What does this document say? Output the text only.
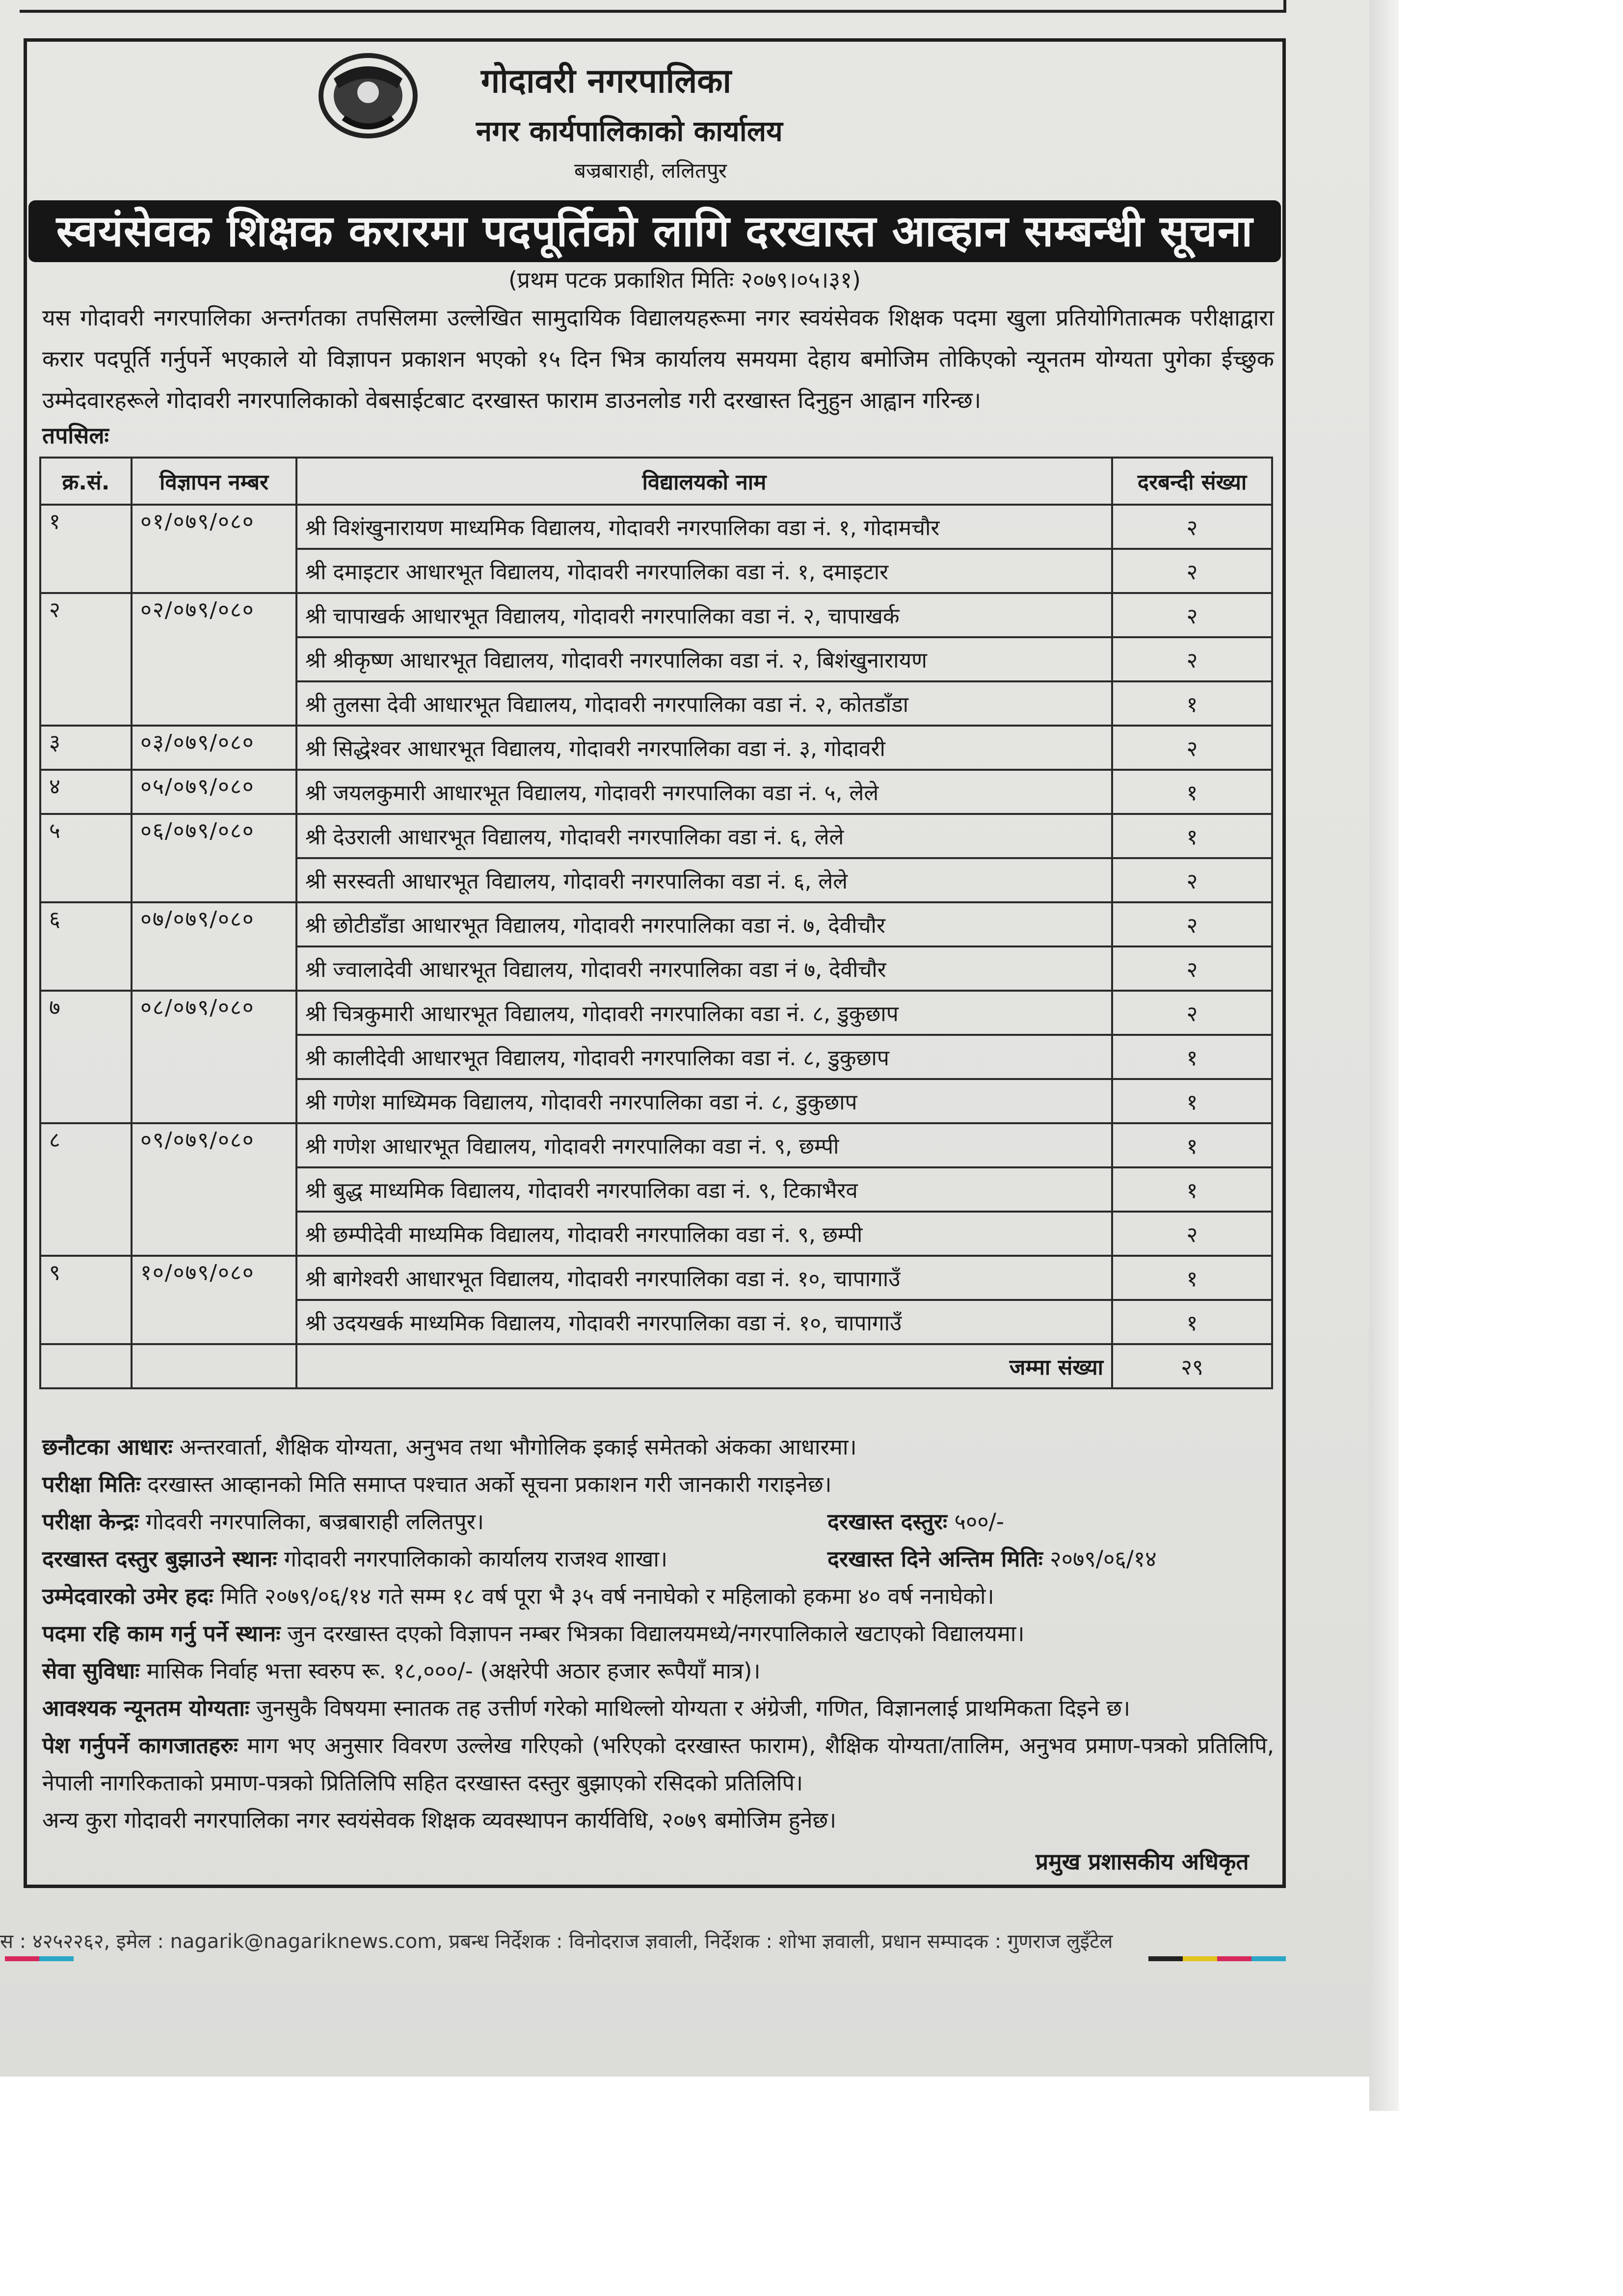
गोदावरी नगरपालिका
नगर कार्यपालिकाको कार्यालय
बज्रबाराही, ललितपुर
स्वयंसेवक शिक्षक करारमा पदपूर्तिको लागि दरखास्त आव्हान सम्बन्धी सूचना
(प्रथम पटक प्रकाशित मितिः २०७९।०५।३१)
यस गोदावरी नगरपालिका अन्तर्गतका तपसिलमा उल्लेखित सामुदायिक विद्यालयहरूमा नगर स्वयंसेवक शिक्षक पदमा खुला प्रतियोगितात्मक परीक्षाद्वारा करार पदपूर्ति गर्नुपर्ने भएकाले यो विज्ञापन प्रकाशन भएको १५ दिन भित्र कार्यालय समयमा देहाय बमोजिम तोकिएको न्यूनतम योग्यता पुगेका ईच्छुक उम्मेदवारहरूले गोदावरी नगरपालिकाको वेबसाईटबाट दरखास्त फाराम डाउनलोड गरी दरखास्त दिनुहुन आह्वान गरिन्छ।
तपसिलः
क्र.सं.	विज्ञापन नम्बर	विद्यालयको नाम	दरबन्दी संख्या
१	०१/०७९/०८०	श्री विशंखुनारायण माध्यमिक विद्यालय, गोदावरी नगरपालिका वडा नं. १, गोदामचौर	२
		श्री दमाइटार आधारभूत विद्यालय, गोदावरी नगरपालिका वडा नं. १, दमाइटार	२
२	०२/०७९/०८०	श्री चापाखर्क आधारभूत विद्यालय, गोदावरी नगरपालिका वडा नं. २, चापाखर्क	२
		श्री श्रीकृष्ण आधारभूत विद्यालय, गोदावरी नगरपालिका वडा नं. २, बिशंखुनारायण	२
		श्री तुलसा देवी आधारभूत विद्यालय, गोदावरी नगरपालिका वडा नं. २, कोतडाँडा	१
३	०३/०७९/०८०	श्री सिद्धेश्वर आधारभूत विद्यालय, गोदावरी नगरपालिका वडा नं. ३, गोदावरी	२
४	०५/०७९/०८०	श्री जयलकुमारी आधारभूत विद्यालय, गोदावरी नगरपालिका वडा नं. ५, लेले	१
५	०६/०७९/०८०	श्री देउराली आधारभूत विद्यालय, गोदावरी नगरपालिका वडा नं. ६, लेले	१
		श्री सरस्वती आधारभूत विद्यालय, गोदावरी नगरपालिका वडा नं. ६, लेले	२
६	०७/०७९/०८०	श्री छोटीडाँडा आधारभूत विद्यालय, गोदावरी नगरपालिका वडा नं. ७, देवीचौर	२
		श्री ज्वालादेवी आधारभूत विद्यालय, गोदावरी नगरपालिका वडा नं ७, देवीचौर	२
७	०८/०७९/०८०	श्री चित्रकुमारी आधारभूत विद्यालय, गोदावरी नगरपालिका वडा नं. ८, डुकुछाप	२
		श्री कालीदेवी आधारभूत विद्यालय, गोदावरी नगरपालिका वडा नं. ८, डुकुछाप	१
		श्री गणेश माध्यिमक विद्यालय, गोदावरी नगरपालिका वडा नं. ८, डुकुछाप	१
८	०९/०७९/०८०	श्री गणेश आधारभूत विद्यालय, गोदावरी नगरपालिका वडा नं. ९, छम्पी	१
		श्री बुद्ध माध्यमिक विद्यालय, गोदावरी नगरपालिका वडा नं. ९, टिकाभैरव	१
		श्री छम्पीदेवी माध्यमिक विद्यालय, गोदावरी नगरपालिका वडा नं. ९, छम्पी	२
९	१०/०७९/०८०	श्री बागेश्वरी आधारभूत विद्यालय, गोदावरी नगरपालिका वडा नं. १०, चापागाउँ	१
		श्री उदयखर्क माध्यमिक विद्यालय, गोदावरी नगरपालिका वडा नं. १०, चापागाउँ	१
		जम्मा संख्या	२९
छनौटका आधारः अन्तरवार्ता, शैक्षिक योग्यता, अनुभव तथा भौगोलिक इकाई समेतको अंकका आधारमा।
परीक्षा मितिः दरखास्त आव्हानको मिति समाप्त पश्चात अर्को सूचना प्रकाशन गरी जानकारी गराइनेछ।
परीक्षा केन्द्रः गोदवरी नगरपालिका, बज्रबाराही ललितपुर।	दरखास्त दस्तुरः ५००/-
दरखास्त दस्तुर बुझाउने स्थानः गोदावरी नगरपालिकाको कार्यालय राजश्व शाखा।	दरखास्त दिने अन्तिम मितिः २०७९/०६/१४
उम्मेदवारको उमेर हदः मिति २०७९/०६/१४ गते सम्म १८ वर्ष पूरा भै ३५ वर्ष ननाघेको र महिलाको हकमा ४० वर्ष ननाघेको।
पदमा रहि काम गर्नु पर्ने स्थानः जुन दरखास्त दएको विज्ञापन नम्बर भित्रका विद्यालयमध्ये/नगरपालिकाले खटाएको विद्यालयमा।
सेवा सुविधाः मासिक निर्वाह भत्ता स्वरुप रू. १८,०००/- (अक्षरेपी अठार हजार रूपैयाँ मात्र)।
आवश्यक न्यूनतम योग्यताः जुनसुकै विषयमा स्नातक तह उत्तीर्ण गरेको माथिल्लो योग्यता र अंग्रेजी, गणित, विज्ञानलाई प्राथमिकता दिइने छ।
पेश गर्नुपर्ने कागजातहरुः माग भए अनुसार विवरण उल्लेख गरिएको (भरिएको दरखास्त फाराम), शैक्षिक योग्यता/तालिम, अनुभव प्रमाण-पत्रको प्रतिलिपि, नेपाली नागरिकताको प्रमाण-पत्रको प्रितिलिपि सहित दरखास्त दस्तुर बुझाएको रसिदको प्रतिलिपि।
अन्य कुरा गोदावरी नगरपालिका नगर स्वयंसेवक शिक्षक व्यवस्थापन कार्यविधि, २०७९ बमोजिम हुनेछ।
प्रमुख प्रशासकीय अधिकृत
स : ४२५२२६२, इमेल : nagarik@nagariknews.com, प्रबन्ध निर्देशक : विनोदराज ज्ञवाली, निर्देशक : शोभा ज्ञवाली, प्रधान सम्पादक : गुणराज लुइँटेल
